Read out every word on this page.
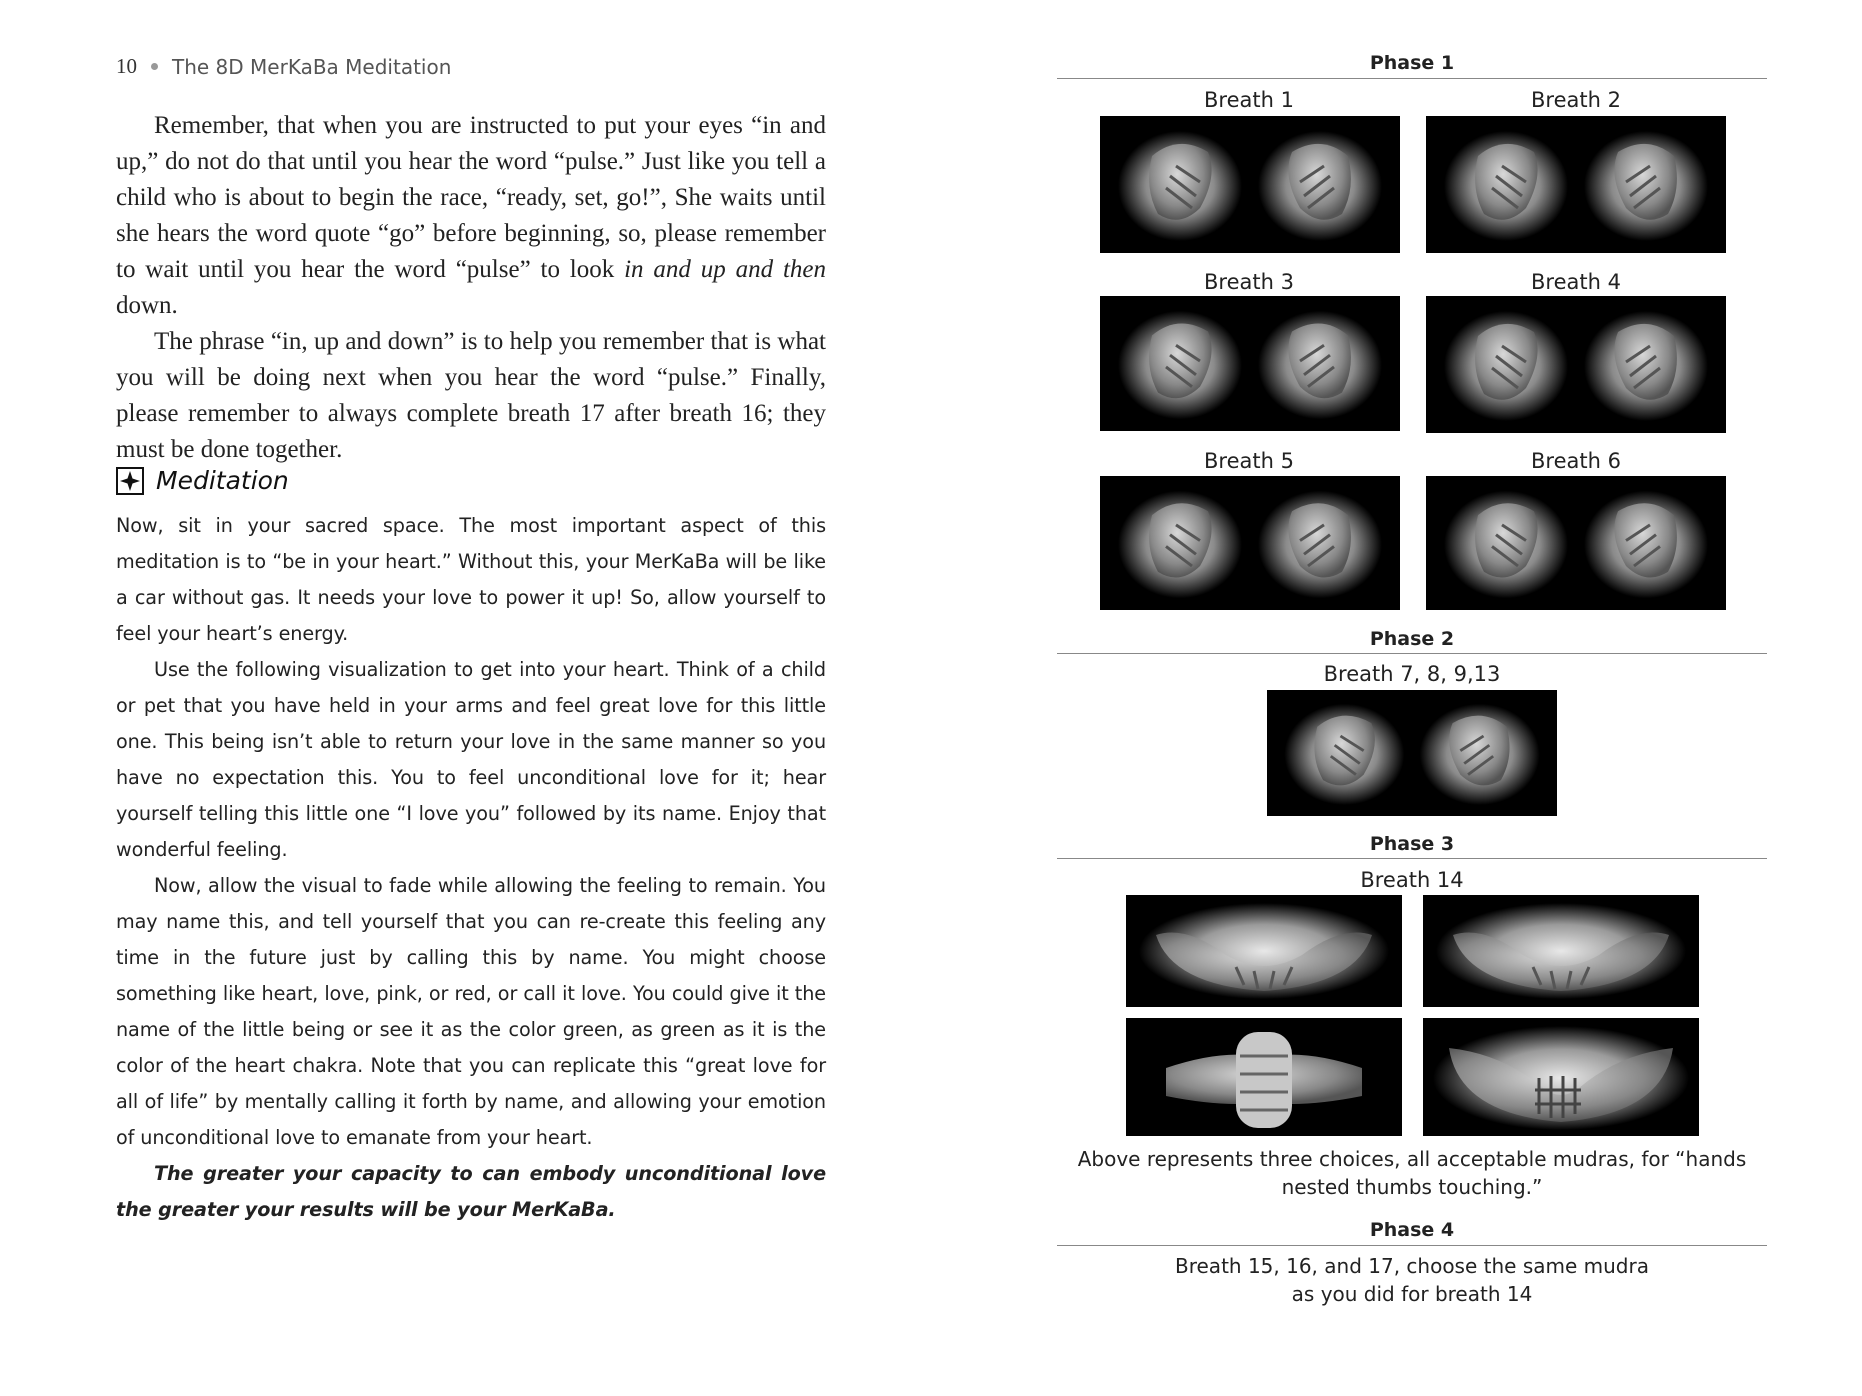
10 The 8D MerKaBa Meditation

Remember, that when you are instructed to put your eyes “in and up,” do not do that until you hear the word “pulse.” Just like you tell a child who is about to begin the race, “ready, set, go!”, She waits until she hears the word quote “go” before beginning, so, please remember to wait until you hear the word “pulse” to look in and up and then down.

The phrase “in, up and down” is to help you remember that is what you will be doing next when you hear the word “pulse.” Finally, please remember to always complete breath 17 after breath 16; they must be done together.

Meditation

Now, sit in your sacred space. The most important aspect of this meditation is to “be in your heart.” Without this, your MerKaBa will be like a car without gas. It needs your love to power it up! So, allow yourself to feel your heart’s energy.

Use the following visualization to get into your heart. Think of a child or pet that you have held in your arms and feel great love for this little one. This being isn’t able to return your love in the same manner so you have no expectation this. You to feel unconditional love for it; hear yourself telling this little one “I love you” followed by its name. Enjoy that wonderful feeling.

Now, allow the visual to fade while allowing the feeling to remain. You may name this, and tell yourself that you can re-create this feeling any time in the future just by calling this by name. You might choose something like heart, love, pink, or red, or call it love. You could give it the name of the little being or see it as the color green, as green as it is the color of the heart chakra. Note that you can replicate this “great love for all of life” by mentally calling it forth by name, and allowing your emotion of unconditional love to emanate from your heart.

The greater your capacity to can embody unconditional love the greater your results will be your MerKaBa.

Phase 1
Breath 1	Breath 2
Breath 3	Breath 4
Breath 5	Breath 6
Phase 2
Breath 7, 8, 9,13
Phase 3
Breath 14
Above represents three choices, all acceptable mudras, for “hands nested thumbs touching.”
Phase 4
Breath 15, 16, and 17, choose the same mudra
as you did for breath 14
